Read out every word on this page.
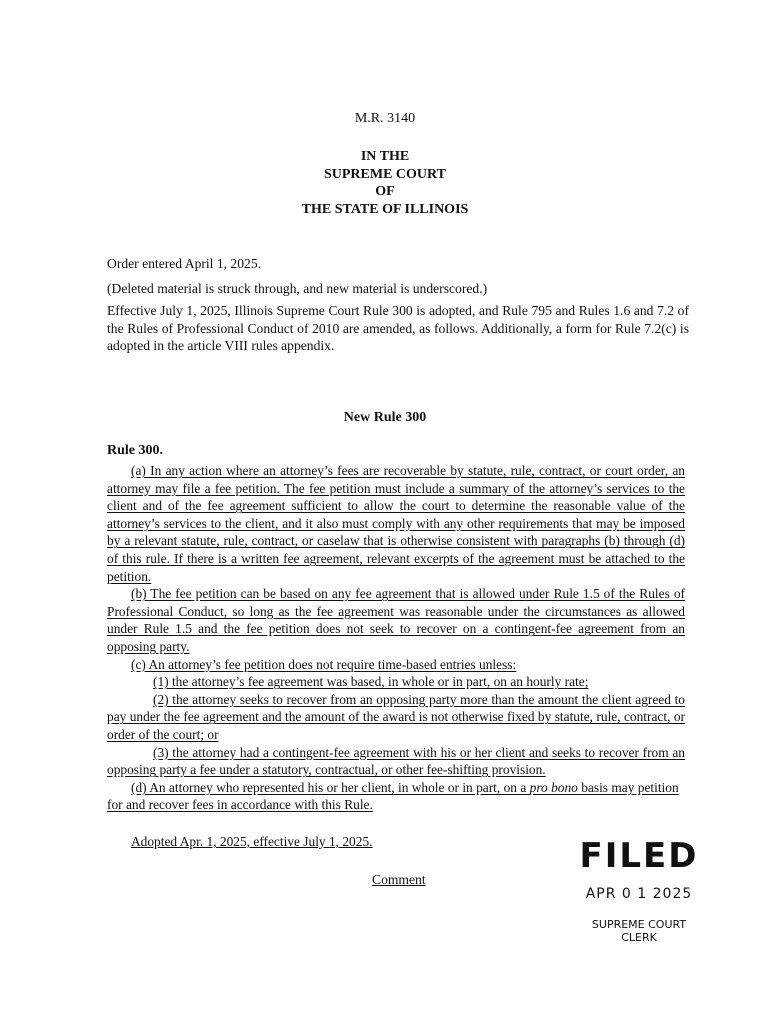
M.R. 3140
IN THE
SUPREME COURT
OF
THE STATE OF ILLINOIS
Order entered April 1, 2025.
(Deleted material is struck through, and new material is underscored.)
Effective July 1, 2025, Illinois Supreme Court Rule 300 is adopted, and Rule 795 and Rules 1.6 and 7.2 of the Rules of Professional Conduct of 2010 are amended, as follows. Additionally, a form for Rule 7.2(c) is adopted in the article VIII rules appendix.
New Rule 300
Rule 300.

(a) In any action where an attorney’s fees are recoverable by statute, rule, contract, or court order, an attorney may file a fee petition. The fee petition must include a summary of the attorney’s services to the client and of the fee agreement sufficient to allow the court to determine the reasonable value of the attorney’s services to the client, and it also must comply with any other requirements that may be imposed by a relevant statute, rule, contract, or caselaw that is otherwise consistent with paragraphs (b) through (d) of this rule. If there is a written fee agreement, relevant excerpts of the agreement must be attached to the petition.

(b) The fee petition can be based on any fee agreement that is allowed under Rule 1.5 of the Rules of Professional Conduct, so long as the fee agreement was reasonable under the circumstances as allowed under Rule 1.5 and the fee petition does not seek to recover on a contingent-fee agreement from an opposing party.

(c) An attorney’s fee petition does not require time-based entries unless:

(1) the attorney’s fee agreement was based, in whole or in part, on an hourly rate;

(2) the attorney seeks to recover from an opposing party more than the amount the client agreed to pay under the fee agreement and the amount of the award is not otherwise fixed by statute, rule, contract, or order of the court; or

(3) the attorney had a contingent-fee agreement with his or her client and seeks to recover from an opposing party a fee under a statutory, contractual, or other fee-shifting provision.

(d) An attorney who represented his or her client, in whole or in part, on a pro bono basis may petition for and recover fees in accordance with this Rule.

Adopted Apr. 1, 2025, effective July 1, 2025.
Comment
FILED
APR 0 1 2025
SUPREME COURT
CLERK
